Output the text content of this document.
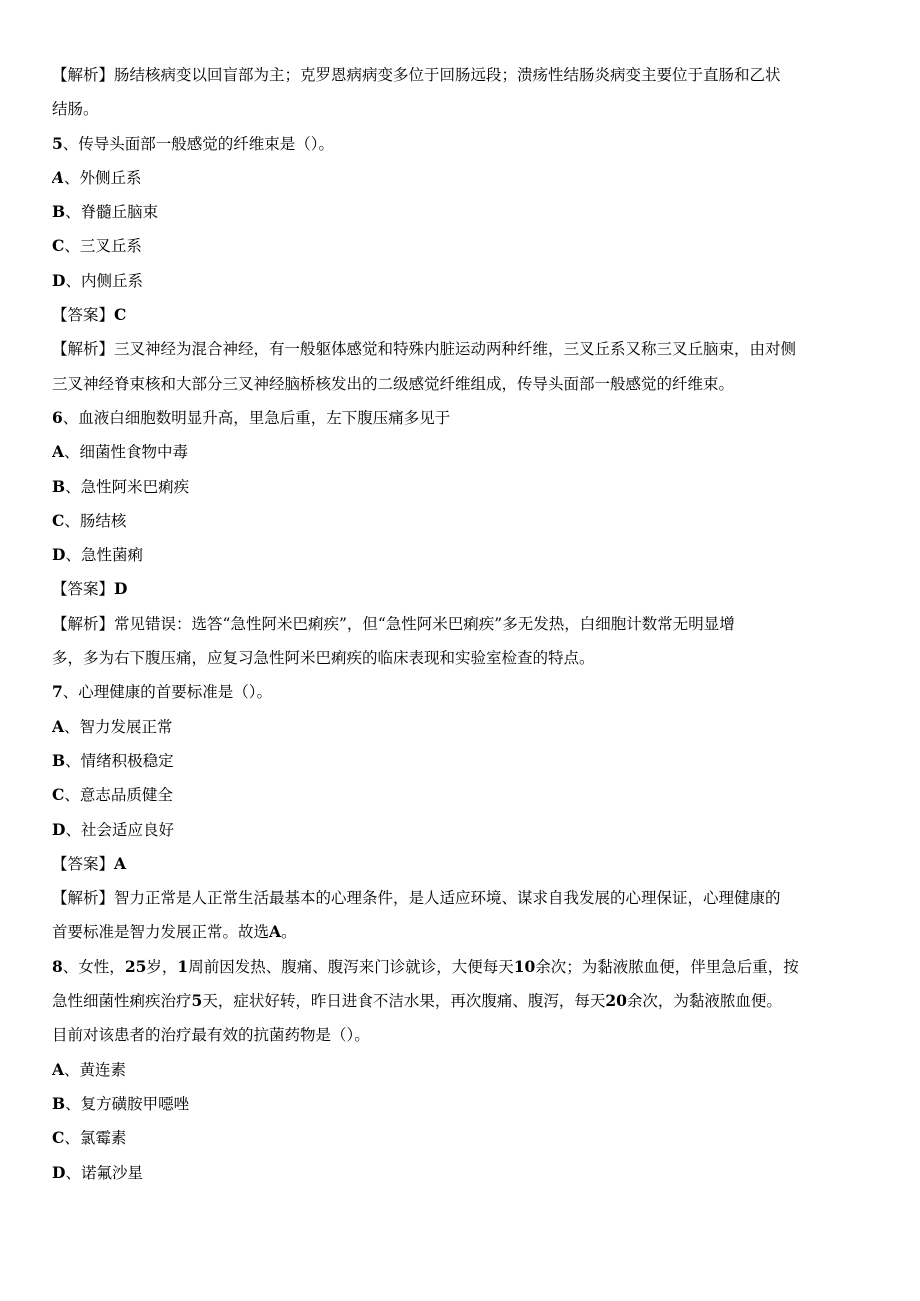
【解析】肠结核病变以回盲部为主；克罗恩病病变多位于回肠远段；溃疡性结肠炎病变主要位于直肠和乙状
结肠。
5、传导头面部一般感觉的纤维束是（）。
A、外侧丘系
B、脊髓丘脑束
C、三叉丘系
D、内侧丘系
【答案】C
【解析】三叉神经为混合神经，有一般躯体感觉和特殊内脏运动两种纤维，三叉丘系又称三叉丘脑束，由对侧
三叉神经脊束核和大部分三叉神经脑桥核发出的二级感觉纤维组成，传导头面部一般感觉的纤维束。
6、血液白细胞数明显升高，里急后重，左下腹压痛多见于
A、细菌性食物中毒
B、急性阿米巴痢疾
C、肠结核
D、急性菌痢
【答案】D
【解析】常见错误：选答“急性阿米巴痢疾”，但“急性阿米巴痢疾”多无发热，白细胞计数常无明显增
多，多为右下腹压痛，应复习急性阿米巴痢疾的临床表现和实验室检查的特点。
7、心理健康的首要标准是（）。
A、智力发展正常
B、情绪积极稳定
C、意志品质健全
D、社会适应良好
【答案】A
【解析】智力正常是人正常生活最基本的心理条件，是人适应环境、谋求自我发展的心理保证，心理健康的
首要标准是智力发展正常。故选A。
8、女性，25岁，1周前因发热、腹痛、腹泻来门诊就诊，大便每天10余次；为黏液脓血便，伴里急后重，按
急性细菌性痢疾治疗5天，症状好转，昨日进食不洁水果，再次腹痛、腹泻，每天20余次，为黏液脓血便。
目前对该患者的治疗最有效的抗菌药物是（）。
A、黄连素
B、复方磺胺甲噁唑
C、氯霉素
D、诺氟沙星
